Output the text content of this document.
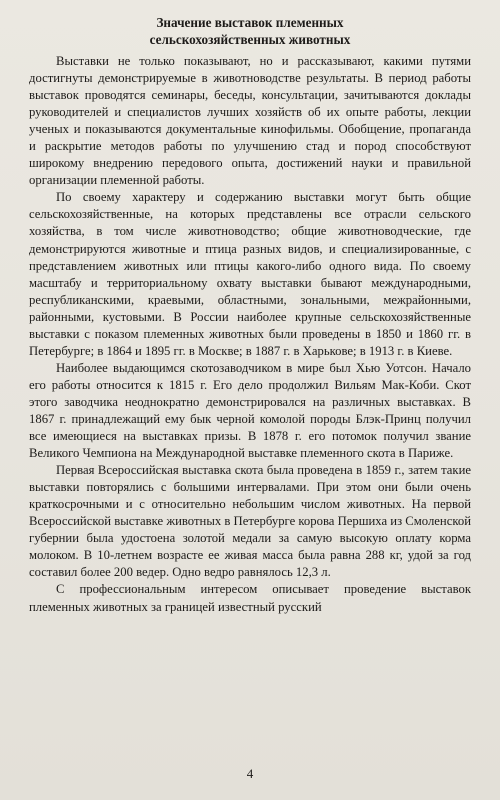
Значение выставок племенных
сельскохозяйственных животных

Выставки не только показывают, но и рассказывают, какими путями достигнуты демонстрируемые в животноводстве результаты. В период работы выставок проводятся семинары, беседы, консультации, зачитываются доклады руководителей и специалистов лучших хозяйств об их опыте работы, лекции ученых и показываются документальные кинофильмы. Обобщение, пропаганда и раскрытие методов работы по улучшению стад и пород способствуют широкому внедрению передового опыта, достижений науки и правильной организации племенной работы.

По своему характеру и содержанию выставки могут быть общие сельскохозяйственные, на которых представлены все отрасли сельского хозяйства, в том числе животноводство; общие животноводческие, где демонстрируются животные и птица разных видов, и специализированные, с представлением животных или птицы какого-либо одного вида. По своему масштабу и территориальному охвату выставки бывают международными, республиканскими, краевыми, областными, зональными, межрайонными, районными, кустовыми. В России наиболее крупные сельскохозяйственные выставки с показом племенных животных были проведены в 1850 и 1860 гг. в Петербурге; в 1864 и 1895 гг. в Москве; в 1887 г. в Харькове; в 1913 г. в Киеве.

Наиболее выдающимся скотозаводчиком в мире был Хью Уотсон. Начало его работы относится к 1815 г. Его дело продолжил Вильям Мак-Коби. Скот этого заводчика неоднократно демонстрировался на различных выставках. В 1867 г. принадлежащий ему бык черной комолой породы Блэк-Принц получил все имеющиеся на выставках призы. В 1878 г. его потомок получил звание Великого Чемпиона на Международной выставке племенного скота в Париже.

Первая Всероссийская выставка скота была проведена в 1859 г., затем такие выставки повторялись с большими интервалами. При этом они были очень краткосрочными и с относительно небольшим числом животных. На первой Всероссийской выставке животных в Петербурге корова Першиха из Смоленской губернии была удостоена золотой медали за самую высокую оплату корма молоком. В 10-летнем возрасте ее живая масса была равна 288 кг, удой за год составил более 200 ведер. Одно ведро равнялось 12,3 л.

С профессиональным интересом описывает проведение выставок племенных животных за границей известный русский

4
